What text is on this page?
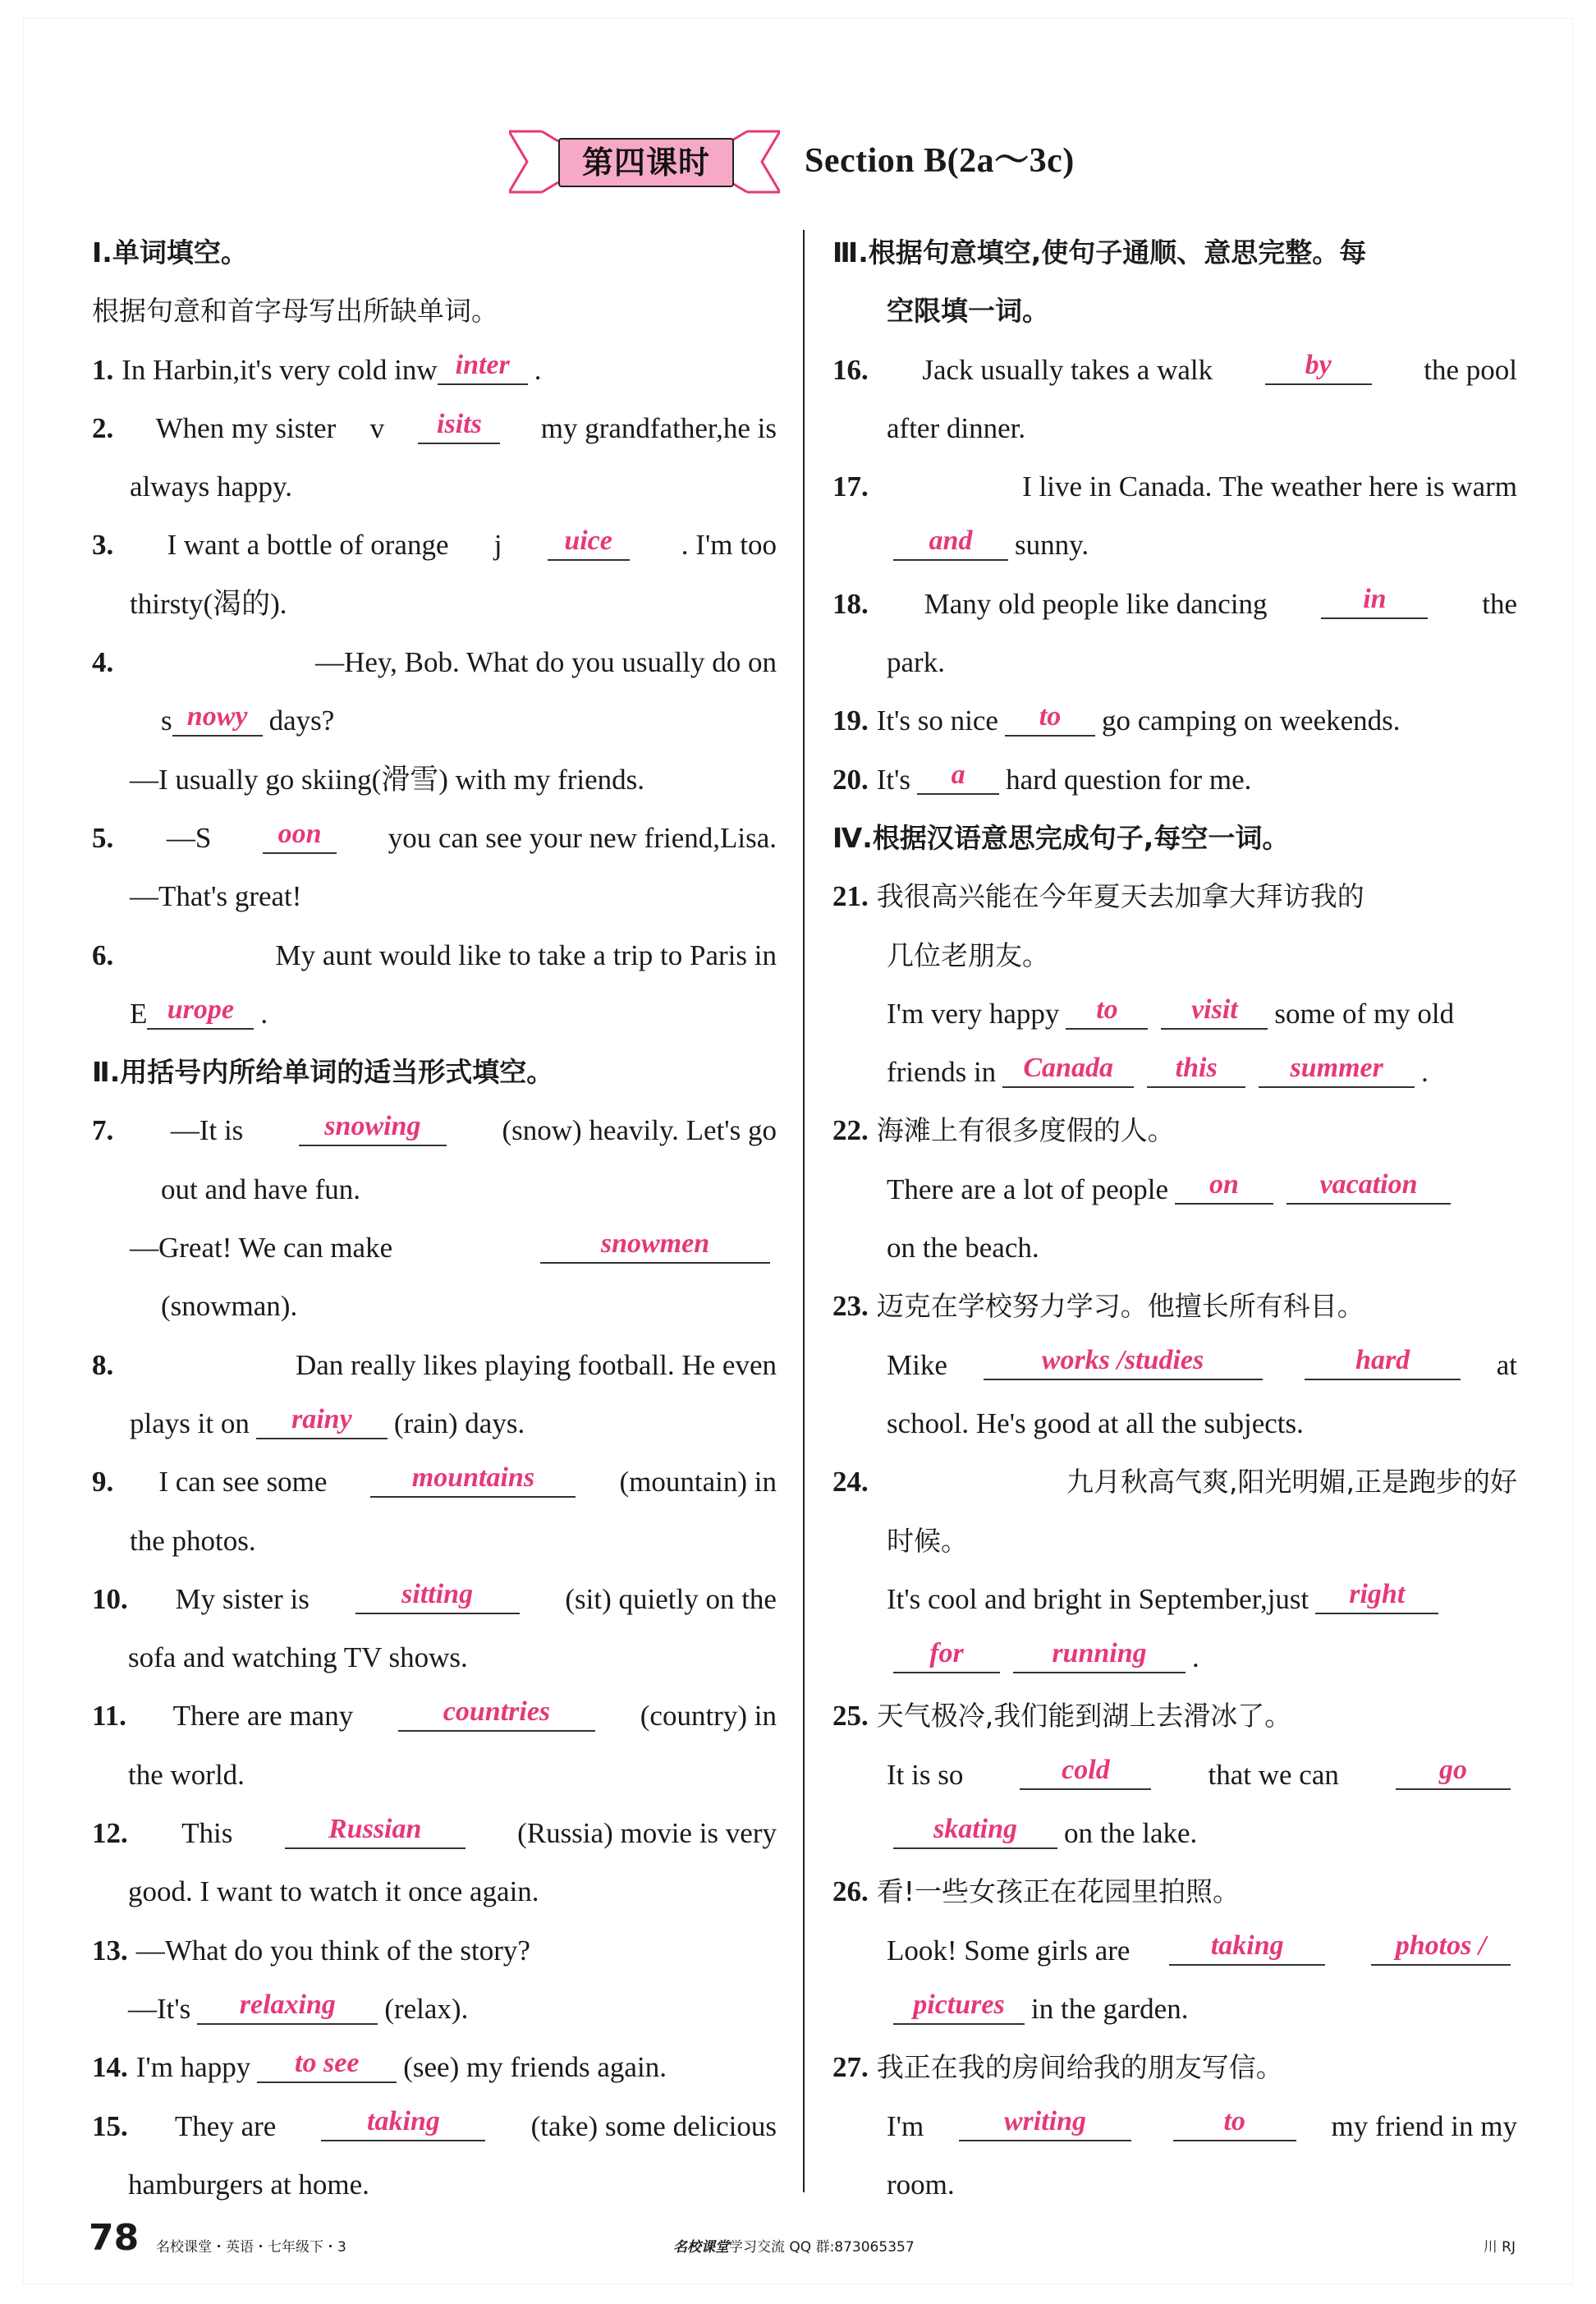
第四课时	Section B(2a～3c)
Ⅰ.单词填空。
根据句意和首字母写出所缺单词。
1. In Harbin,it's very cold in w inter .
2. When my sister v	isits	my grandfather,he is
always happy.
3. I want a bottle of orange j	uice	. I'm too
thirsty(渴的).
4.	—Hey, Bob. What do you usually do on
s nowy days?
—I usually go skiing(滑雪) with my friends.
5. —S	oon	you can see your new friend,Lisa.
—That's great!
6.	My aunt would like to take a trip to Paris in
E urope .
Ⅱ.用括号内所给单词的适当形式填空。
7. —It is	snowing	(snow) heavily. Let's go
out and have fun.
—Great! We can make	snowmen
(snowman).
8.	Dan really likes playing football. He even
plays it on	rainy	(rain) days.
9. I can see some	mountains	(mountain) in
the photos.
10. My sister is	sitting	(sit) quietly on the
sofa and watching TV shows.
11. There are many	countries	(country) in
the world.
12. This	Russian	(Russia) movie is very
good. I want to watch it once again.
13. —What do you think of the story?
—It's	relaxing	(relax).
14. I'm happy	to see	(see) my friends again.
15. They are	taking	(take) some delicious
hamburgers at home.
Ⅲ.根据句意填空,使句子通顺、意思完整。每
空限填一词。
16. Jack usually takes a walk	by	the pool
after dinner.
17.	I live in Canada. The weather here is warm
and	sunny.
18. Many old people like dancing	in	the
park.
19. It's so nice	to	go camping on weekends.
20. It's	a	hard question for me.
Ⅳ.根据汉语意思完成句子,每空一词。
21. 我很高兴能在今年夏天去加拿大拜访我的
几位老朋友。
I'm very happy	to	visit	some of my old
friends in Canada	this	summer	.
22. 海滩上有很多度假的人。
There are a lot of people	on	vacation
on the beach.
23. 迈克在学校努力学习。他擅长所有科目。
Mike	works /studies	hard	at
school. He's good at all the subjects.
24.	九月秋高气爽,阳光明媚,正是跑步的好
时候。
It's cool and bright in September,just	right
for	running	.
25. 天气极冷,我们能到湖上去滑冰了。
It is so	cold	that we can	go
skating	on the lake.
26. 看!一些女孩正在花园里拍照。
Look! Some girls are	taking	photos /
pictures in the garden.
27. 我正在我的房间给我的朋友写信。
I'm	writing	to	my friend in my
room.
78 名校课堂・英语・七年级下・3	名校课堂学习交流 QQ 群:873065357	川 RJ
